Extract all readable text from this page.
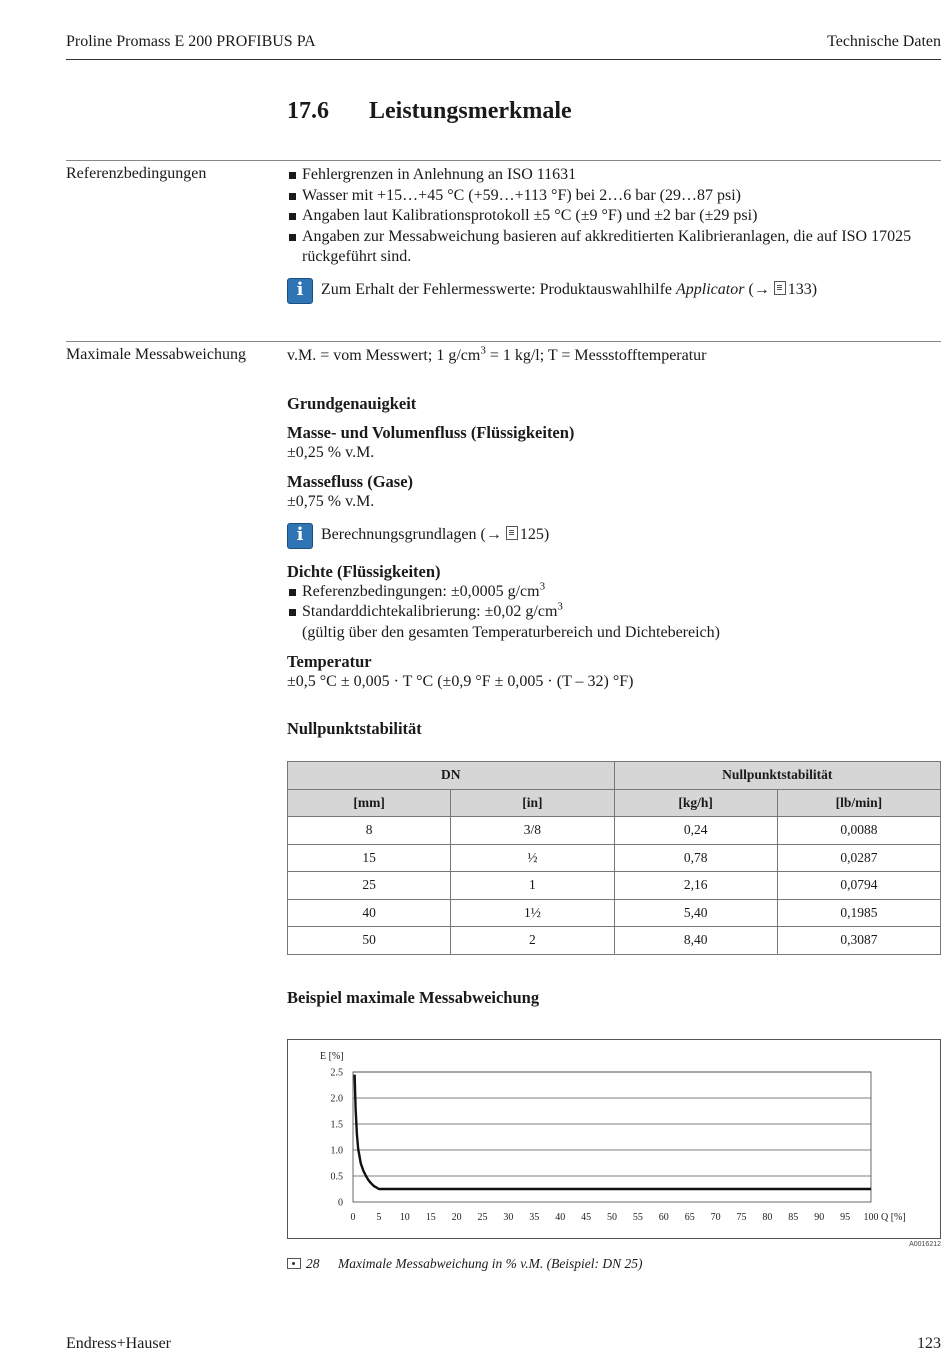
Proline Promass E 200 PROFIBUS PA	Technische Daten
17.6 Leistungsmerkmale
Referenzbedingungen	Fehlergrenzen in Anlehnung an ISO 11631
Wasser mit +15…+45 °C (+59…+113 °F) bei 2…6 bar (29…87 psi)
Angaben laut Kalibrationsprotokoll ±5 °C (±9 °F) und ±2 bar (±29 psi)
Angaben zur Messabweichung basieren auf akkreditierten Kalibrieranlagen, die auf ISO 17025 rückgeführt sind.
i	Zum Erhalt der Fehlermesswerte: Produktauswahlhilfe Applicator (→ 133)
Maximale Messabweichung	v.M. = vom Messwert; 1 $g/cm^3 = 1$ kg/l; T = Messstofftemperatur

Grundgenauigkeit
Masse- und Volumenfluss (Flüssigkeiten)

±0,25 % v.M.

Massefluss (Gase)

±0,75 % v.M.

i	Berechnungsgrundlagen (→ 125)
Dichte (Flüssigkeiten)
Referenzbedingungen: ±0,0005 $g/cm^3$
Standarddichtekalibrierung: ±0,02 $g/cm^3$
(gültig über den gesamten Temperaturbereich und Dichtebereich)
Temperatur

±0,5 °C ± 0,005 · T °C (±0,9 °F ± 0,005 · (T – 32) °F)

Nullpunktstabilität
DN		Nullpunktstabilität	
[mm]	[in]	[kg/h]	[lb/min]
8	3/8	0,24	0,0088
15	½	0,78	0,0287
25	1	2,16	0,0794
40	1½	5,40	0,1985
50	2	8,40	0,3087
Beispiel maximale Messabweichung
0
0.5
1.0
1.5
2.0
2.5
0 5 10 15 20 25 30 35 40 45 50 55 60 65 70 75 80 85 90 95 100
E [%]
Q [%]
A0016212
28 Maximale Messabweichung in % v.M. (Beispiel: DN 25)
Endress+Hauser	123
